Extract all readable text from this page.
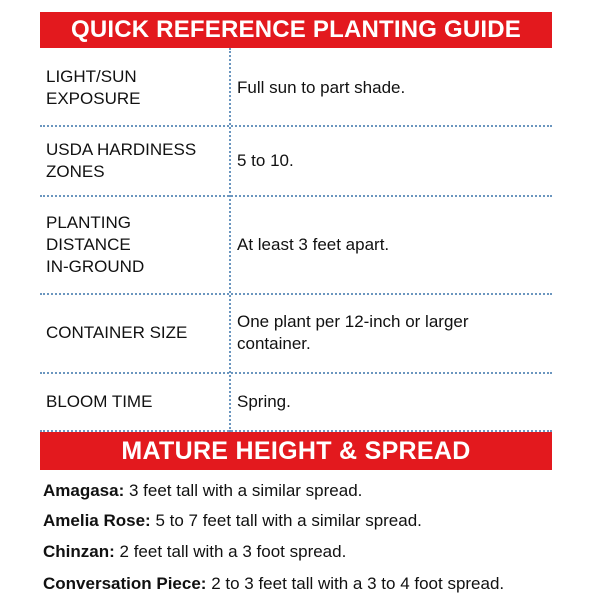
QUICK REFERENCE PLANTING GUIDE
LIGHT/SUN
EXPOSURE
Full sun to part shade.
USDA HARDINESS
ZONES
5 to 10.
PLANTING
DISTANCE
IN-GROUND
At least 3 feet apart.
CONTAINER SIZE
One plant per 12-inch or larger
container.
BLOOM TIME	Spring.
MATURE HEIGHT & SPREAD
Amagasa: 3 feet tall with a similar spread.
Amelia Rose: 5 to 7 feet tall with a similar spread.
Chinzan: 2 feet tall with a 3 foot spread.
Conversation Piece: 2 to 3 feet tall with a 3 to 4 foot spread.
